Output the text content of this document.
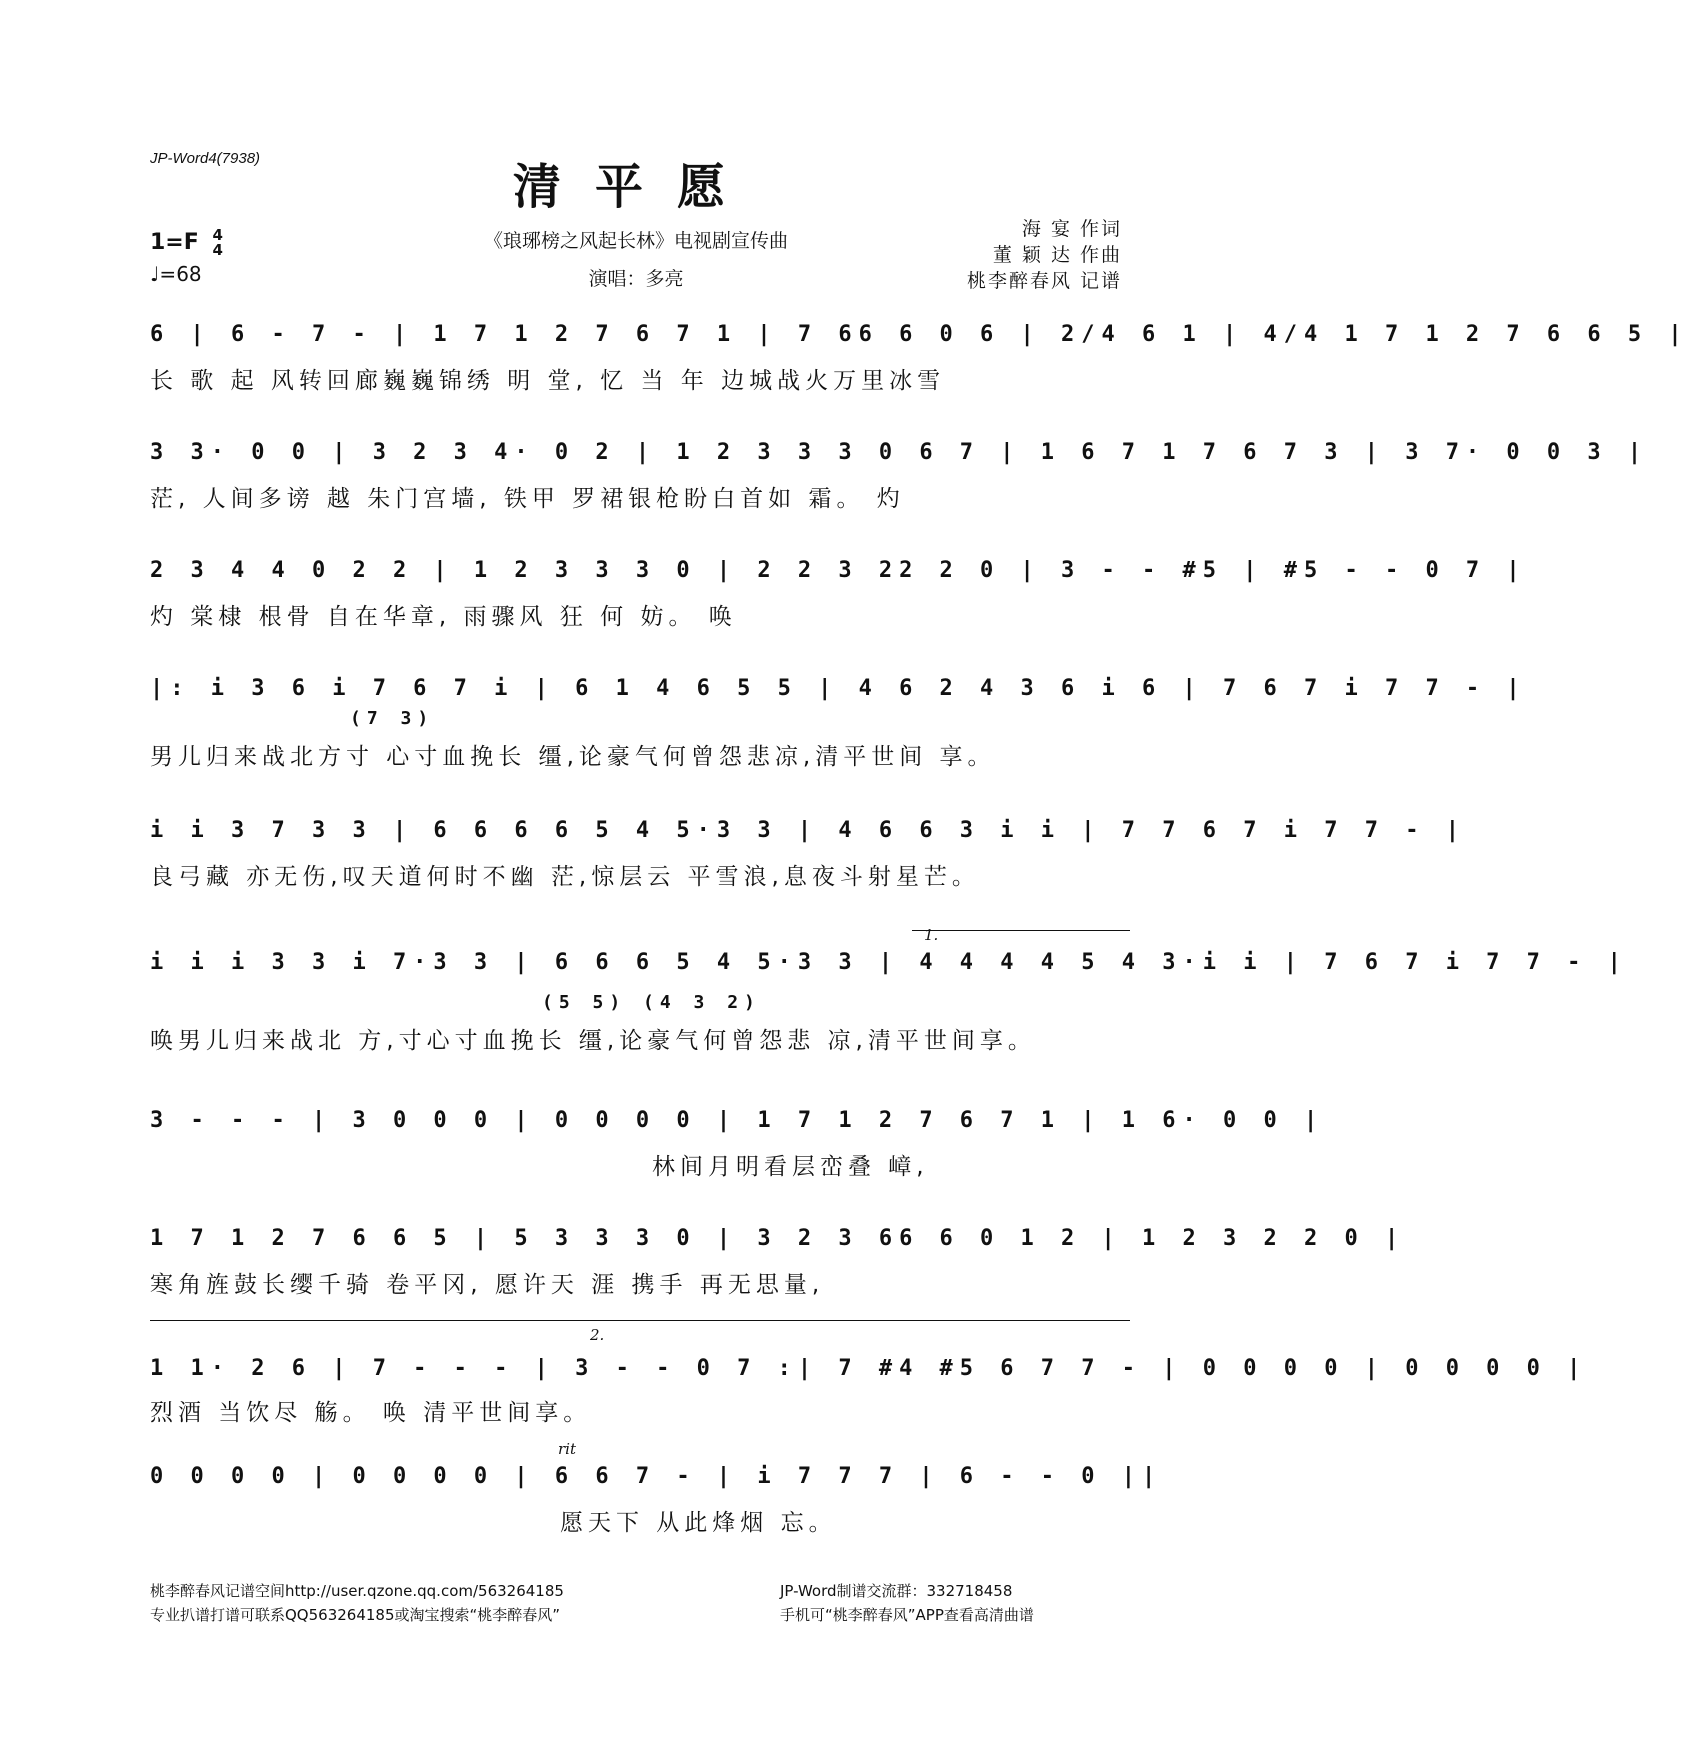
JP-Word4(7938)
清平愿
《琅琊榜之风起长林》电视剧宣传曲
演唱：多亮
海 宴 作词
董 颖 达 作曲
桃李醉春风 记谱
1=F 4
4
♩=68
6 | 6 - 7 - | 1 7 1 2 7 6 7 1 | 7 66 6 0 6 | 2/4 6 1 | 4/4 1 7 1 2 7 6 6 5 |
长 歌 起 风转回廊巍巍锦绣 明 堂, 忆 当 年 边城战火万里冰雪
3 3· 0 0 | 3 2 3 4· 0 2 | 1 2 3 3 3 0 6 7 | 1 6 7 1 7 6 7 3 | 3 7· 0 0 3 |
茫, 人间多谤 越 朱门宫墙, 铁甲 罗裙银枪盼白首如 霜。 灼
2 3 4 4 0 2 2 | 1 2 3 3 3 0 | 2 2 3 22 2 0 | 3 - - #5 | #5 - - 0 7 |
灼 棠棣 根骨 自在华章, 雨骤风 狂 何 妨。 唤
|: i 3 6 i 7 6 7 i | 6 1 4 6 5 5 | 4 6 2 4 3 6 i 6 | 7 6 7 i 7 7 - |
(7 3)
男儿归来战北方寸 心寸血挽长 缰,论豪气何曾怨悲凉,清平世间 享。
i i 3 7 3 3 | 6 6 6 6 5 4 5·3 3 | 4 6 6 3 i i | 7 7 6 7 i 7 7 - |
良弓藏 亦无伤,叹天道何时不幽 茫,惊层云 平雪浪,息夜斗射星芒。
1.
i i i 3 3 i 7·3 3 | 6 6 6 5 4 5·3 3 | 4 4 4 4 5 4 3·i i | 7 6 7 i 7 7 - |
(5 5) (4 3 2)
唤男儿归来战北 方,寸心寸血挽长 缰,论豪气何曾怨悲 凉,清平世间享。
3 - - - | 3 0 0 0 | 0 0 0 0 | 1 7 1 2 7 6 7 1 | 1 6· 0 0 |
林间月明看层峦叠 嶂,
1 7 1 2 7 6 6 5 | 5 3 3 3 0 | 3 2 3 66 6 0 1 2 | 1 2 3 2 2 0 |
寒角旌鼓长缨千骑 卷平冈, 愿许天 涯 携手 再无思量,
2.
1 1· 2 6 | 7 - - - | 3 - - 0 7 :| 7 #4 #5 6 7 7 - | 0 0 0 0 | 0 0 0 0 |
烈酒 当饮尽 觞。 唤 清平世间享。
rit
0 0 0 0 | 0 0 0 0 | 6 6 7 - | i 7 7 7 | 6 - - 0 ||
愿天下 从此烽烟 忘。
桃李醉春风记谱空间http://user.qzone.qq.com/563264185
专业扒谱打谱可联系QQ563264185或淘宝搜索“桃李醉春风”
JP-Word制谱交流群：332718458
手机可“桃李醉春风”APP查看高清曲谱
